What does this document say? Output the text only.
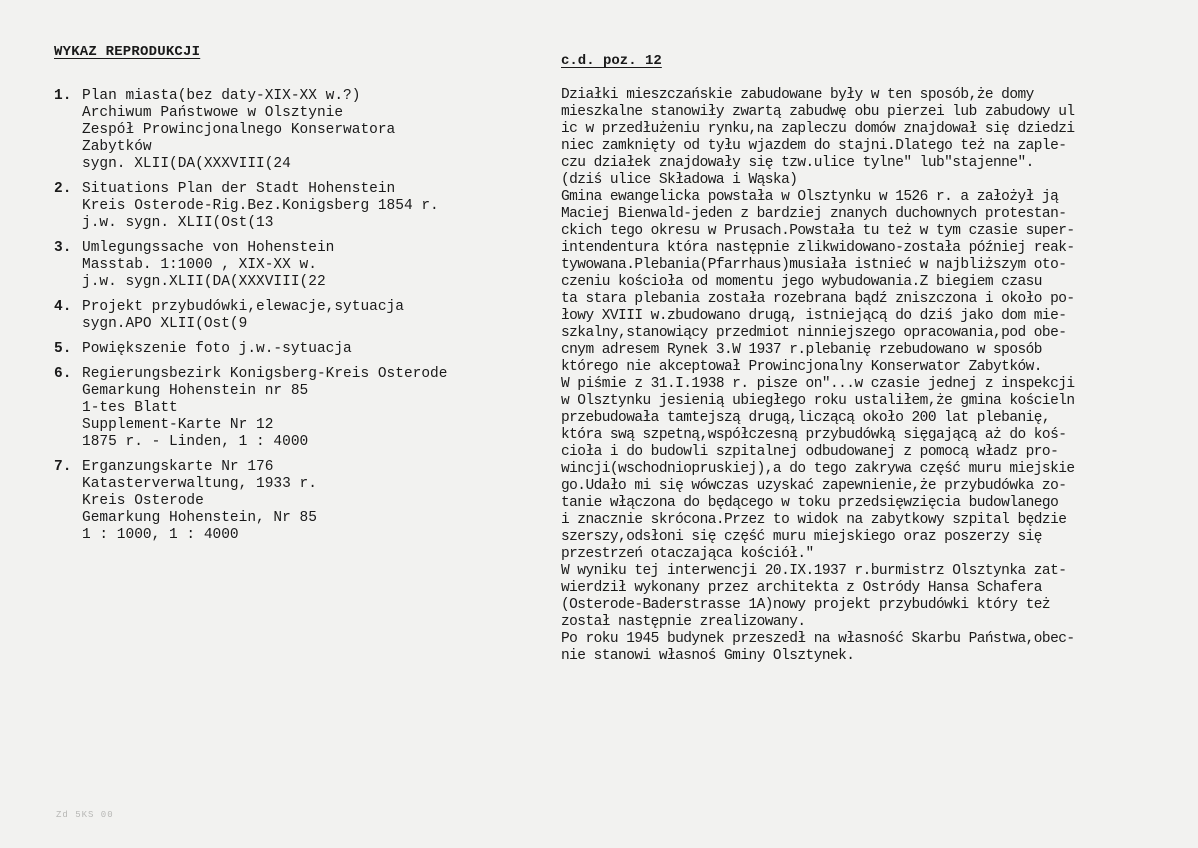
WYKAZ REPRODUKCJI
1. Plan miasta(bez daty-XIX-XX w.?)
Archiwum Państwowe w Olsztynie
Zespół Prowincjonalnego Konserwatora
Zabytków
sygn. XLII(DA(XXXVIII(24
2. Situations Plan der Stadt Hohenstein
Kreis Osterode-Rig.Bez.Konigsberg 1854 r.
j.w. sygn. XLII(Ost(13
3. Umlegungssache von Hohenstein
Masstab. 1:1000 , XIX-XX w.
j.w. sygn.XLII(DA(XXXVIII(22
4. Projekt przybudówki,elewacje,sytuacja
sygn.APO XLII(Ost(9
5. Powiększenie foto j.w.-sytuacja
6. Regierungsbezirk Konigsberg-Kreis Osterode
Gemarkung Hohenstein nr 85
1-tes Blatt
Supplement-Karte Nr 12
1875 r. - Linden, 1 : 4000
7. Erganzungskarte Nr 176
Katasterverwaltung, 1933 r.
Kreis Osterode
Gemarkung Hohenstein, Nr 85
1 : 1000, 1 : 4000
c.d. poz. 12
Działki mieszczańskie zabudowane były w ten sposób,że domy
mieszkalne stanowiły zwartą zabudwę obu pierzei lub zabudowy ul
ic w przedłużeniu rynku,na zapleczu domów znajdował się dziedzi
niec zamknięty od tyłu wjazdem do stajni.Dlatego też na zaple-
czu działek znajdowały się tzw.ulice tylne" lub"stajenne".
(dziś ulice Składowa i Wąska)
Gmina ewangelicka powstała w Olsztynku w 1526 r. a założył ją
Maciej Bienwald-jeden z bardziej znanych duchownych protestan-
ckich tego okresu w Prusach.Powstała tu też w tym czasie super-
intendentura która następnie zlikwidowano-została później reak-
tywowana.Plebania(Pfarrhaus)musiała istnieć w najbliższym oto-
czeniu kościoła od momentu jego wybudowania.Z biegiem czasu
ta stara plebania została rozebrana bądź zniszczona i około po-
łowy XVIII w.zbudowano drugą, istniejącą do dziś jako dom mie-
szkalny,stanowiący przedmiot ninniejszego opracowania,pod obe-
cnym adresem Rynek 3.W 1937 r.plebanię rzebudowano w sposób
którego nie akceptował Prowincjonalny Konserwator Zabytków.
W piśmie z 31.I.1938 r. pisze on"...w czasie jednej z inspekcji
w Olsztynku jesienią ubiegłego roku ustaliłem,że gmina kościeln
przebudowała tamtejszą drugą,liczącą około 200 lat plebanię,
która swą szpetną,współczesną przybudówką sięgającą aż do koś-
cioła i do budowli szpitalnej odbudowanej z pomocą władz pro-
wincji(wschodniopruskiej),a do tego zakrywa część muru miejskie
go.Udało mi się wówczas uzyskać zapewnienie,że przybudówka zo-
tanie włączona do będącego w toku przedsięwzięcia budowlanego
i znacznie skrócona.Przez to widok na zabytkowy szpital będzie
szerszy,odsłoni się część muru miejskiego oraz poszerzy się
przestrzeń otaczająca kościół."
W wyniku tej interwencji 20.IX.1937 r.burmistrz Olsztynka zat-
wierdził wykonany przez architekta z Ostródy Hansa Schafera
(Osterode-Baderstrasse 1A)nowy projekt przybudówki który też
został następnie zrealizowany.
Po roku 1945 budynek przeszedł na własność Skarbu Państwa,obec-
nie stanowi własnoś Gminy Olsztynek.
Zd 5KS 00
